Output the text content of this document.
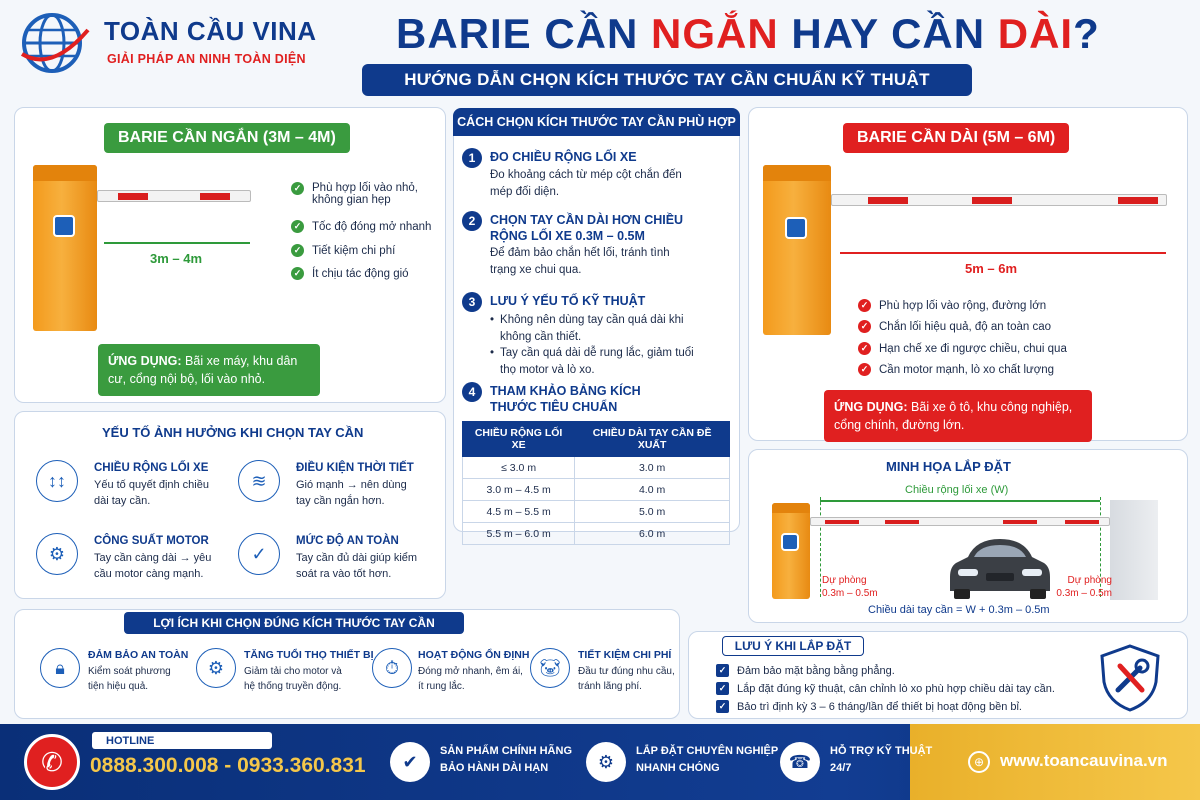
TOÀN CẦU VINA
GIẢI PHÁP AN NINH TOÀN DIỆN
BARIE CẦN NGẮN HAY CẦN DÀI?
HƯỚNG DẪN CHỌN KÍCH THƯỚC TAY CẦN CHUẨN KỸ THUẬT
BARIE CẦN NGẮN (3M – 4M)
3m – 4m
✓ Phù hợp lối vào nhỏ, không gian hẹp
✓ Tốc độ đóng mở nhanh
✓ Tiết kiệm chi phí
✓ Ít chịu tác động gió
ỨNG DỤNG: Bãi xe máy, khu dân cư, cổng nội bộ, lối vào nhỏ.
YẾU TỐ ẢNH HƯỞNG KHI CHỌN TAY CẦN
↕↕
CHIỀU RỘNG LỐI XE
Yếu tố quyết định chiều dài tay cần.
≋
ĐIỀU KIỆN THỜI TIẾT
Gió mạnh → nên dùng tay cần ngắn hơn.
⚙
CÔNG SUẤT MOTOR
Tay cần càng dài → yêu cầu motor càng mạnh.
✓
MỨC ĐỘ AN TOÀN
Tay cần đủ dài giúp kiểm soát ra vào tốt hơn.
CÁCH CHỌN KÍCH THƯỚC TAY CẦN PHÙ HỢP
1	ĐO CHIỀU RỘNG LỐI XE
Đo khoảng cách từ mép cột chắn đến mép đối diện.
2	CHỌN TAY CẦN DÀI HƠN CHIỀU RỘNG LỐI XE 0.3M – 0.5M
Để đảm bảo chắn hết lối, tránh tình trạng xe chui qua.
3	LƯU Ý YẾU TỐ KỸ THUẬT
• Không nên dùng tay cần quá dài khi không cần thiết.
• Tay cần quá dài dễ rung lắc, giảm tuổi thọ motor và lò xo.
4	THAM KHẢO BẢNG KÍCH THƯỚC TIÊU CHUẨN
CHIỀU RỘNG LỐI XE	CHIỀU DÀI TAY CẦN ĐỀ XUẤT
≤ 3.0 m	3.0 m
3.0 m – 4.5 m	4.0 m
4.5 m – 5.5 m	5.0 m
5.5 m – 6.0 m	6.0 m
BARIE CẦN DÀI (5M – 6M)
5m – 6m
✓ Phù hợp lối vào rộng, đường lớn
✓ Chắn lối hiệu quả, độ an toàn cao
✓ Hạn chế xe đi ngược chiều, chui qua
✓ Cần motor mạnh, lò xo chất lượng
ỨNG DỤNG: Bãi xe ô tô, khu công nghiệp, cổng chính, đường lớn.
MINH HỌA LẮP ĐẶT
Chiều rộng lối xe (W)
Dự phòng 0.3m – 0.5m
Dự phòng 0.3m – 0.5m
Chiều dài tay cần = W + 0.3m – 0.5m
LỢI ÍCH KHI CHỌN ĐÚNG KÍCH THƯỚC TAY CẦN
🔒︎
ĐẢM BẢO AN TOÀN
Kiểm soát phương tiện hiệu quả.
⚙
TĂNG TUỔI THỌ THIẾT BỊ
Giảm tải cho motor và hệ thống truyền động.
⏱
HOẠT ĐỘNG ỔN ĐỊNH
Đóng mở nhanh, êm ái, ít rung lắc.
🐷︎
TIẾT KIỆM CHI PHÍ
Đầu tư đúng nhu cầu, tránh lãng phí.
LƯU Ý KHI LẮP ĐẶT
✓ Đảm bảo mặt bằng bằng phẳng.
✓ Lắp đặt đúng kỹ thuật, cân chỉnh lò xo phù hợp chiều dài tay cần.
✓ Bảo trì định kỳ 3 – 6 tháng/lần để thiết bị hoạt động bền bỉ.
✆
HOTLINE
0888.300.008 - 0933.360.831	✔
SẢN PHẨM CHÍNH HÃNG
BẢO HÀNH DÀI HẠN	⚙
LẮP ĐẶT CHUYÊN NGHIỆP
NHANH CHÓNG	☎
HỖ TRỢ KỸ THUẬT
24/7	⊕ www.toancauvina.vn
